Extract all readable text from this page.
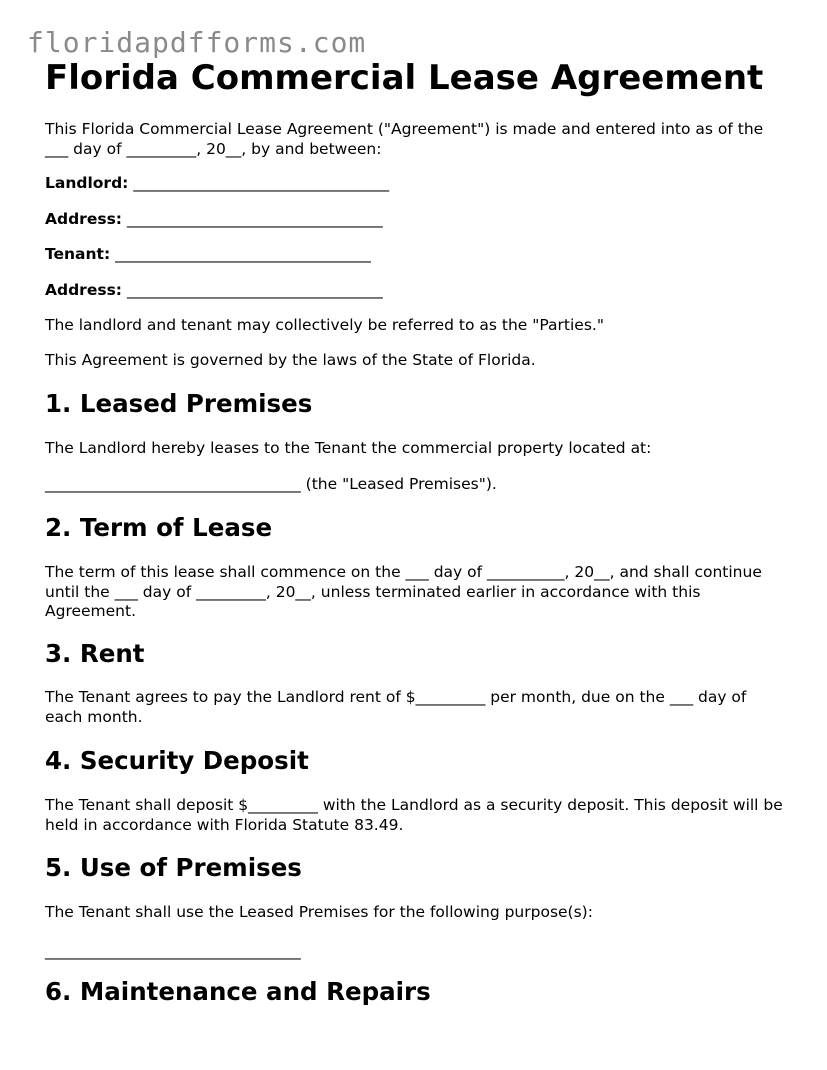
floridapdfforms.com
Florida Commercial Lease Agreement

This Florida Commercial Lease Agreement ("Agreement") is made and entered into as of the ___ day of _________, 20__, by and between:

Landlord: _________________________________

Address: _________________________________

Tenant: _________________________________

Address: _________________________________

The landlord and tenant may collectively be referred to as the "Parties."

This Agreement is governed by the laws of the State of Florida.

1. Leased Premises

The Landlord hereby leases to the Tenant the commercial property located at:

_________________________________ (the "Leased Premises").

2. Term of Lease

The term of this lease shall commence on the ___ day of __________, 20__, and shall continue until the ___ day of _________, 20__, unless terminated earlier in accordance with this Agreement.

3. Rent

The Tenant agrees to pay the Landlord rent of $_________ per month, due on the ___ day of each month.

4. Security Deposit

The Tenant shall deposit $_________ with the Landlord as a security deposit. This deposit will be held in accordance with Florida Statute 83.49.

5. Use of Premises

The Tenant shall use the Leased Premises for the following purpose(s):

_________________________________

6. Maintenance and Repairs
